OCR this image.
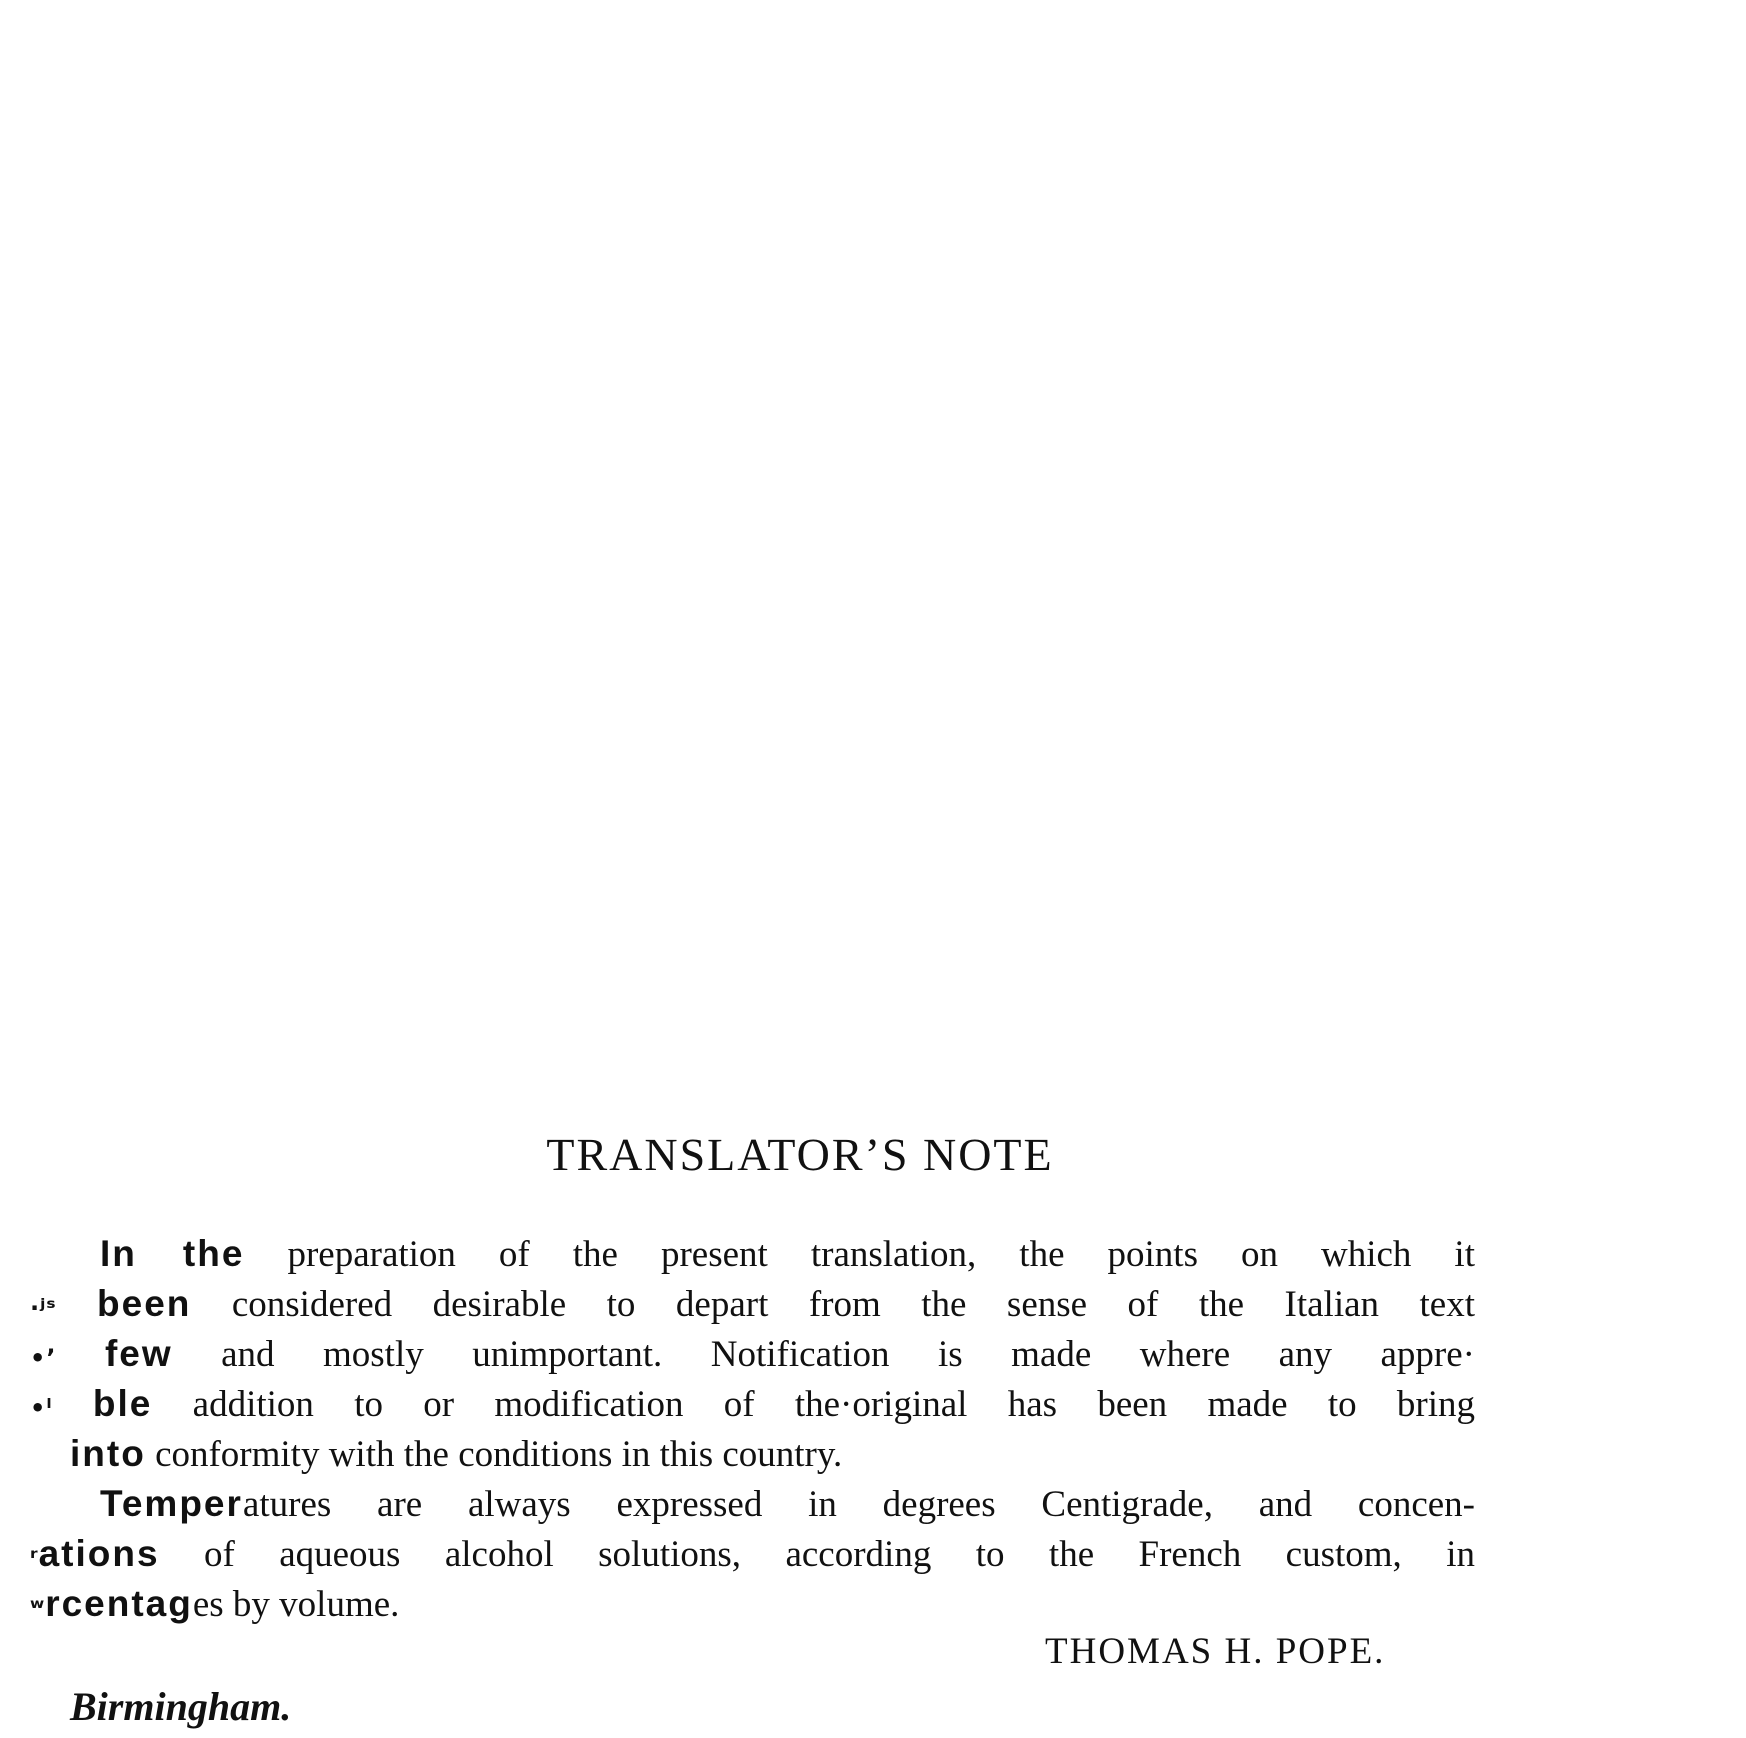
TRANSLATOR’S NOTE

In the preparation of the present translation, the points on which it

·ʲˢ been considered desirable to depart from the sense of the Italian text

•’ few and mostly unimportant. Notification is made where any appre·

•ˡ ble addition to or modification of the·original has been made to bring

into conformity with the conditions in this country.

Temperatures are always expressed in degrees Centigrade, and concen-

ʳations of aqueous alcohol solutions, according to the French custom, in

ʷrcentages by volume.

THOMAS H. POPE.

Birmingham.
